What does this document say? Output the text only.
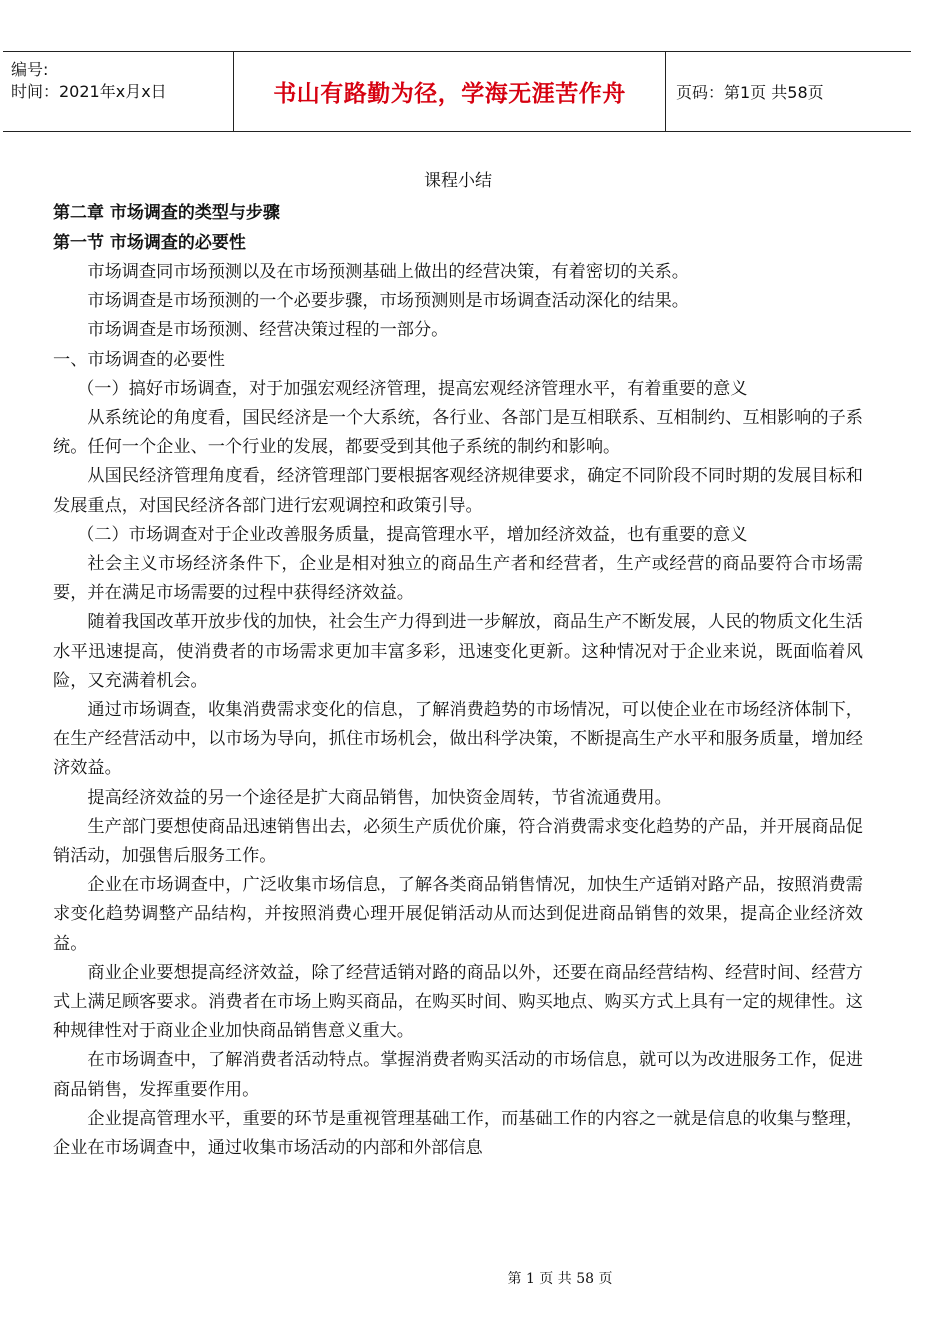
编号:
时间：2021年x月x日	书山有路勤为径，学海无涯苦作舟	页码：第1页 共58页
课程小结
第二章 市场调查的类型与步骤
第一节 市场调查的必要性

市场调查同市场预测以及在市场预测基础上做出的经营决策，有着密切的关系。

市场调查是市场预测的一个必要步骤，市场预测则是市场调查活动深化的结果。

市场调查是市场预测、经营决策过程的一部分。

一、市场调查的必要性

（一）搞好市场调查，对于加强宏观经济管理，提高宏观经济管理水平，有着重要的意义

从系统论的角度看，国民经济是一个大系统，各行业、各部门是互相联系、互相制约、互相影响的子系统。任何一个企业、一个行业的发展，都要受到其他子系统的制约和影响。

从国民经济管理角度看，经济管理部门要根据客观经济规律要求，确定不同阶段不同时期的发展目标和发展重点，对国民经济各部门进行宏观调控和政策引导。

（二）市场调查对于企业改善服务质量，提高管理水平，增加经济效益，也有重要的意义

社会主义市场经济条件下，企业是相对独立的商品生产者和经营者，生产或经营的商品要符合市场需要，并在满足市场需要的过程中获得经济效益。

随着我国改革开放步伐的加快，社会生产力得到进一步解放，商品生产不断发展，人民的物质文化生活水平迅速提高，使消费者的市场需求更加丰富多彩，迅速变化更新。这种情况对于企业来说，既面临着风险，又充满着机会。

通过市场调查，收集消费需求变化的信息，了解消费趋势的市场情况，可以使企业在市场经济体制下，在生产经营活动中，以市场为导向，抓住市场机会，做出科学决策，不断提高生产水平和服务质量，增加经济效益。

提高经济效益的另一个途径是扩大商品销售，加快资金周转，节省流通费用。

生产部门要想使商品迅速销售出去，必须生产质优价廉，符合消费需求变化趋势的产品，并开展商品促销活动，加强售后服务工作。

企业在市场调查中，广泛收集市场信息，了解各类商品销售情况，加快生产适销对路产品，按照消费需求变化趋势调整产品结构，并按照消费心理开展促销活动从而达到促进商品销售的效果，提高企业经济效益。

商业企业要想提高经济效益，除了经营适销对路的商品以外，还要在商品经营结构、经营时间、经营方式上满足顾客要求。消费者在市场上购买商品，在购买时间、购买地点、购买方式上具有一定的规律性。这种规律性对于商业企业加快商品销售意义重大。

在市场调查中，了解消费者活动特点。掌握消费者购买活动的市场信息，就可以为改进服务工作，促进商品销售，发挥重要作用。

企业提高管理水平，重要的环节是重视管理基础工作，而基础工作的内容之一就是信息的收集与整理，企业在市场调查中，通过收集市场活动的内部和外部信息

第 1 页 共 58 页
